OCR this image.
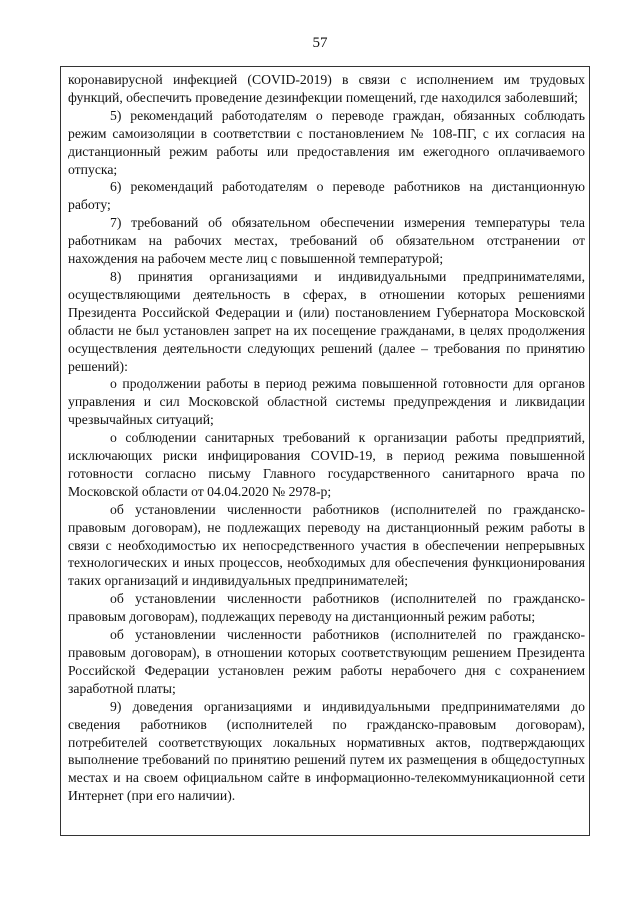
57

коронавирусной инфекцией (COVID-2019) в связи с исполнением им трудовых функций, обеспечить проведение дезинфекции помещений, где находился заболевший;

5) рекомендаций работодателям о переводе граждан, обязанных соблюдать режим самоизоляции в соответствии с постановлением № 108-ПГ, с их согласия на дистанционный режим работы или предоставления им ежегодного оплачиваемого отпуска;

6) рекомендаций работодателям о переводе работников на дистанционную работу;

7) требований об обязательном обеспечении измерения температуры тела работникам на рабочих местах, требований об обязательном отстранении от нахождения на рабочем месте лиц с повышенной температурой;

8) принятия организациями и индивидуальными предпринимателями, осуществляющими деятельность в сферах, в отношении которых решениями Президента Российской Федерации и (или) постановлением Губернатора Московской области не был установлен запрет на их посещение гражданами, в целях продолжения осуществления деятельности следующих решений (далее – требования по принятию решений):

о продолжении работы в период режима повышенной готовности для органов управления и сил Московской областной системы предупреждения и ликвидации чрезвычайных ситуаций;

о соблюдении санитарных требований к организации работы предприятий, исключающих риски инфицирования COVID-19, в период режима повышенной готовности согласно письму Главного государственного санитарного врача по Московской области от 04.04.2020 № 2978-р;

об установлении численности работников (исполнителей по гражданско-правовым договорам), не подлежащих переводу на дистанционный режим работы в связи с необходимостью их непосредственного участия в обеспечении непрерывных технологических и иных процессов, необходимых для обеспечения функционирования таких организаций и индивидуальных предпринимателей;

об установлении численности работников (исполнителей по гражданско-правовым договорам), подлежащих переводу на дистанционный режим работы;

об установлении численности работников (исполнителей по гражданско-правовым договорам), в отношении которых соответствующим решением Президента Российской Федерации установлен режим работы нерабочего дня с сохранением заработной платы;

9) доведения организациями и индивидуальными предпринимателями до сведения работников (исполнителей по гражданско-правовым договорам), потребителей соответствующих локальных нормативных актов, подтверждающих выполнение требований по принятию решений путем их размещения в общедоступных местах и на своем официальном сайте в информационно-телекоммуникационной сети Интернет (при его наличии).
